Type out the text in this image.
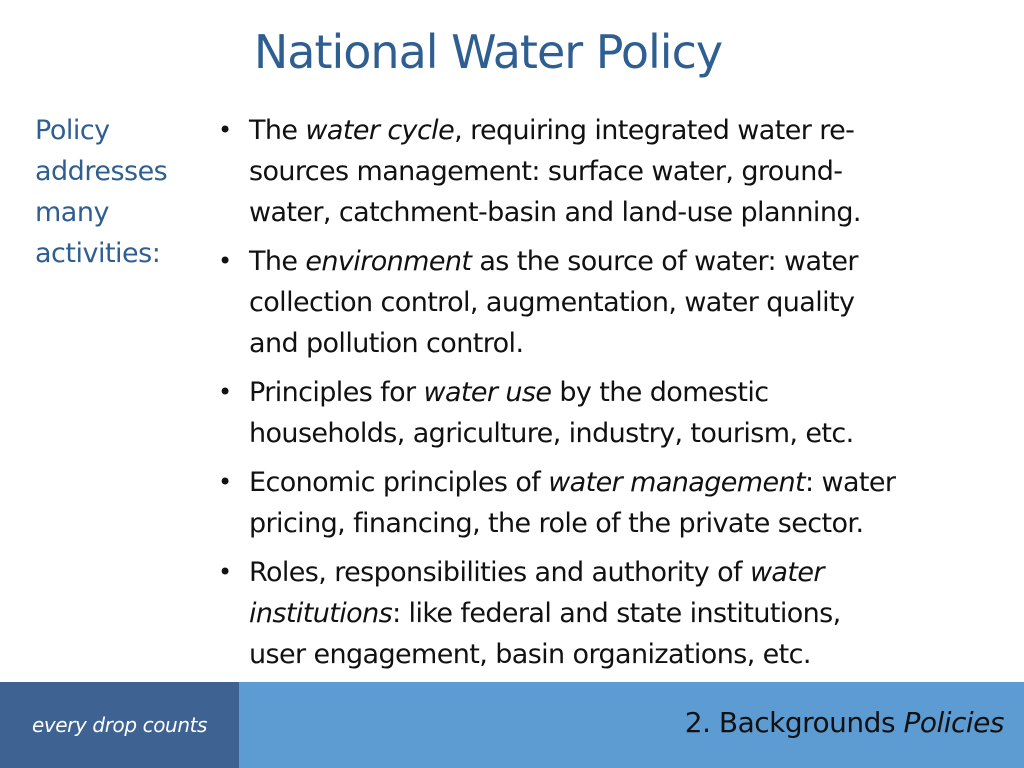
National Water Policy
Policy
addresses
many
activities:
• The water cycle, requiring integrated water re-
sources management: surface water, ground-
water, catchment-basin and land-use planning.
• The environment as the source of water: water
collection control, augmentation, water quality
and pollution control.
• Principles for water use by the domestic
households, agriculture, industry, tourism, etc.
• Economic principles of water management: water
pricing, financing, the role of the private sector.
• Roles, responsibilities and authority of water
institutions: like federal and state institutions,
user engagement, basin organizations, etc.
every drop counts	2. Backgrounds Policies
